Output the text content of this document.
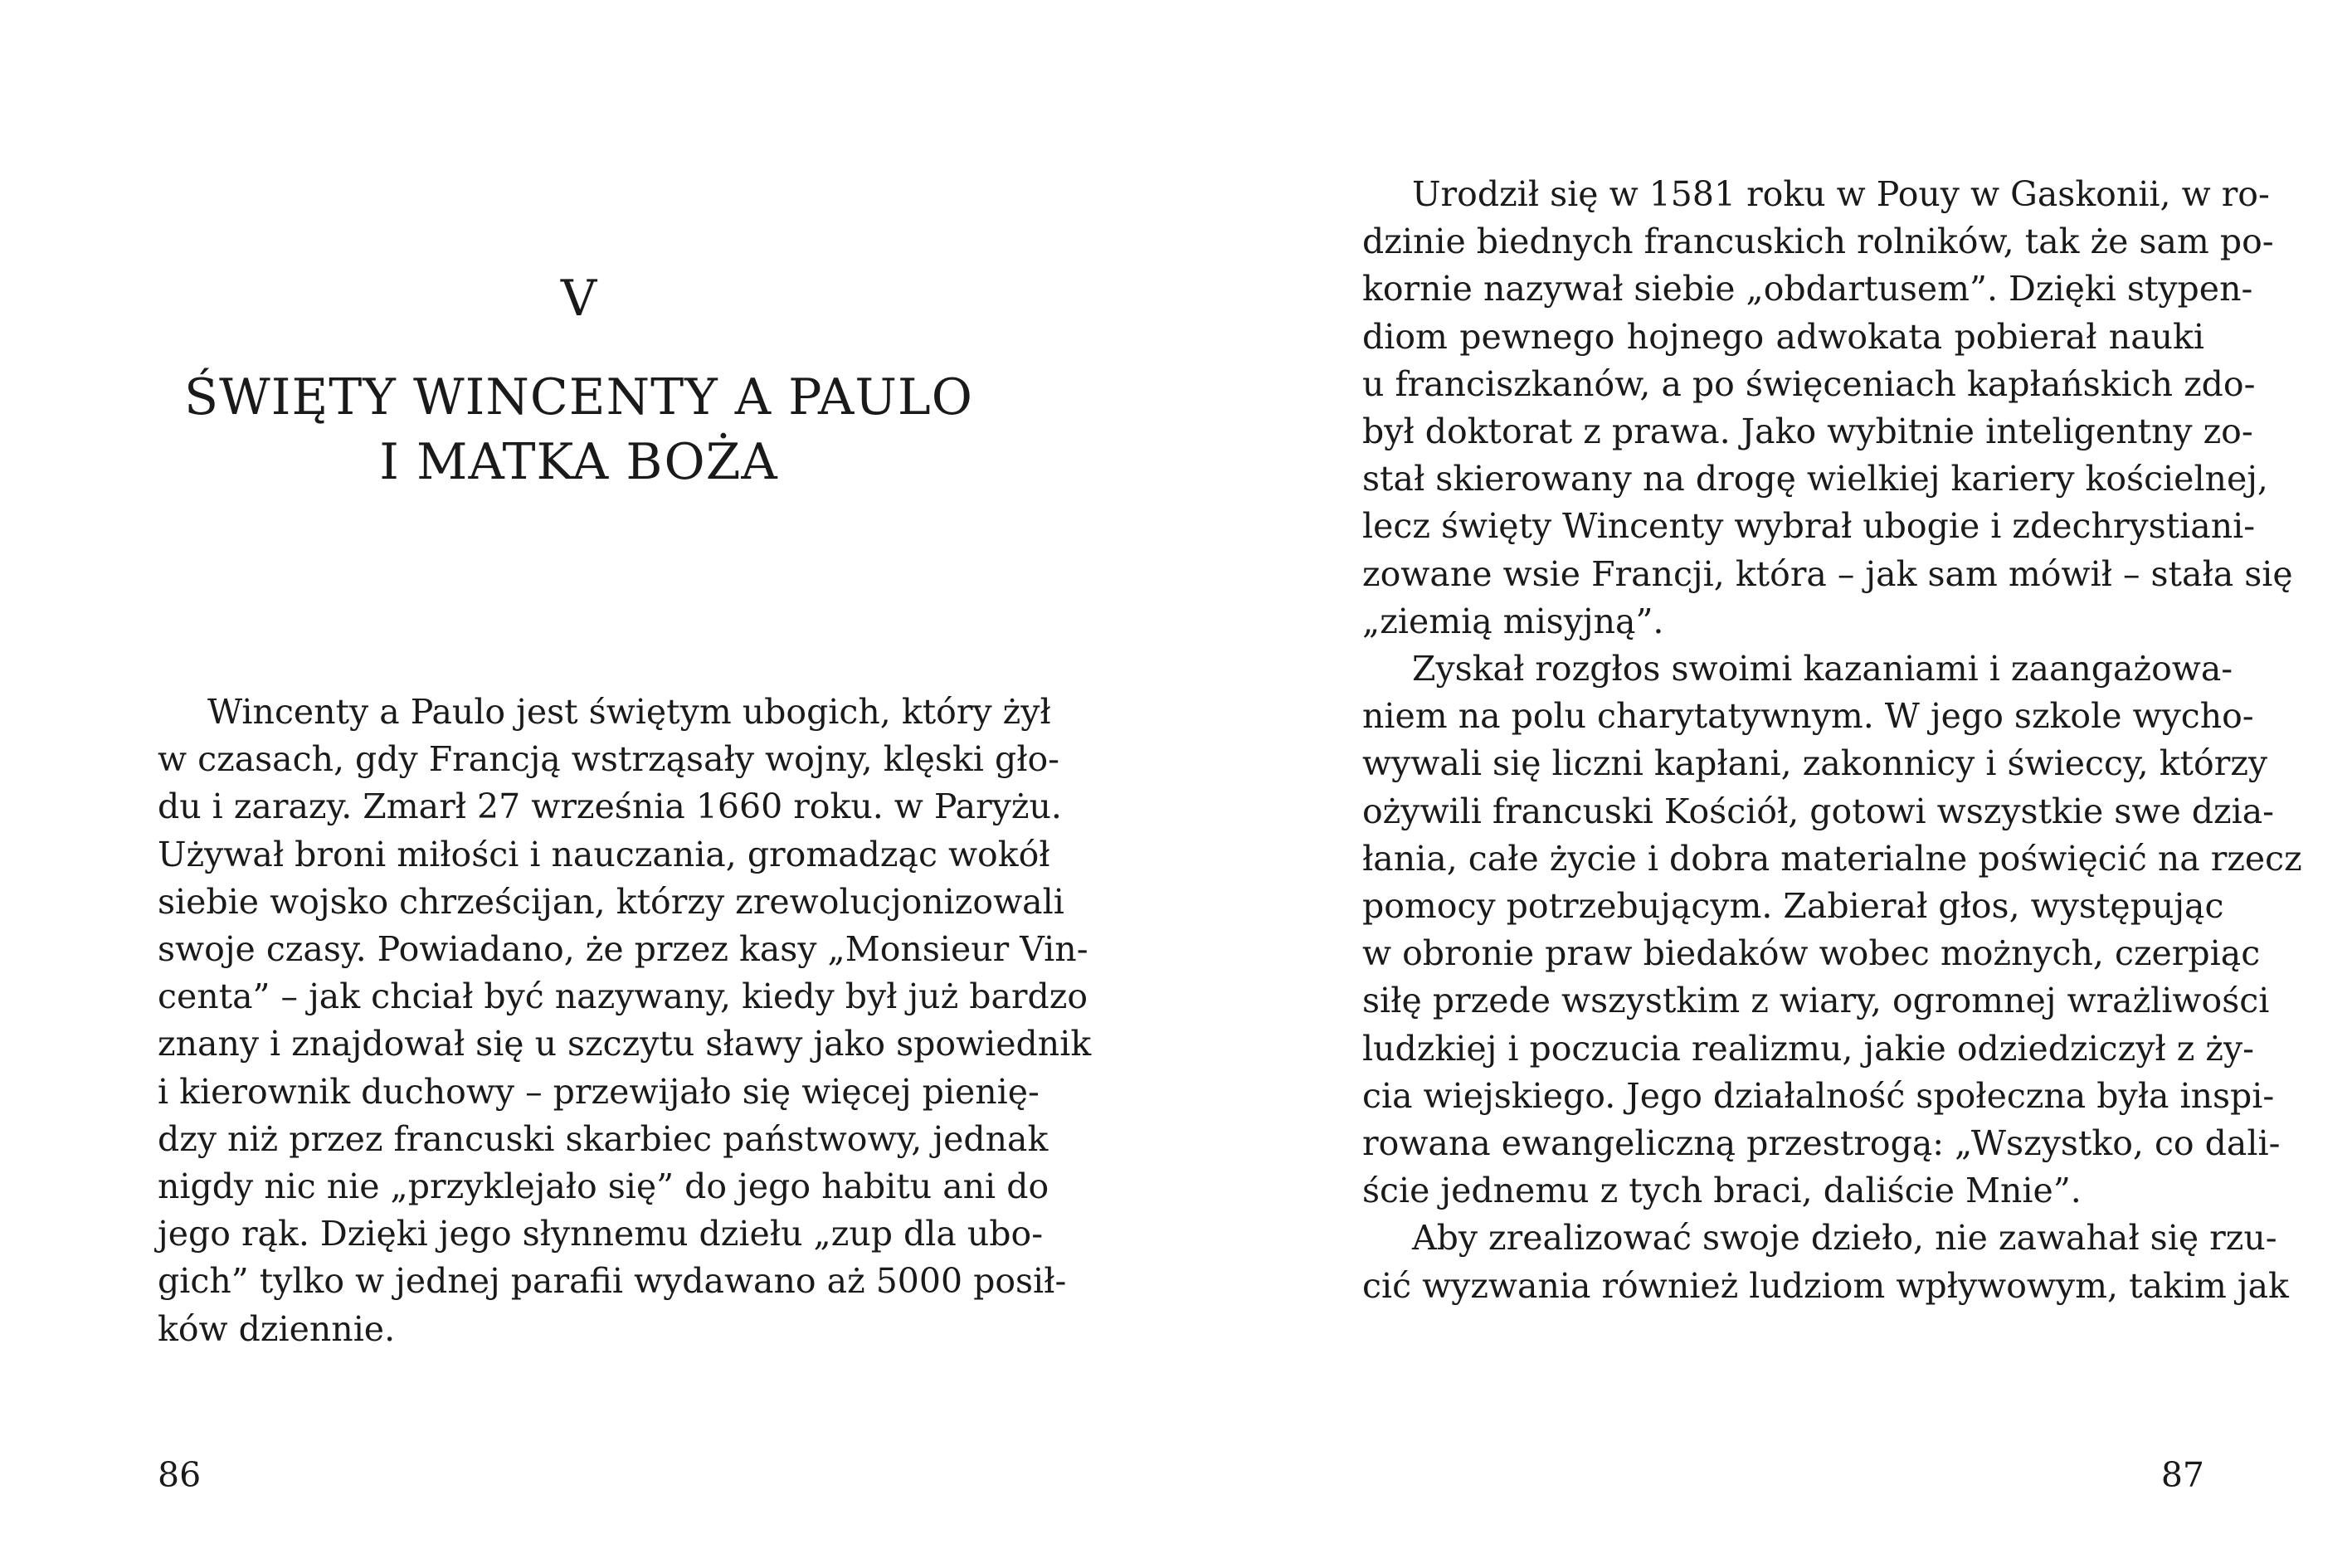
V
ŚWIĘTY WINCENTY A PAULO
I MATKA BOŻA
Wincenty a Paulo jest świętym ubogich, który żył
w czasach, gdy Francją wstrząsały wojny, klęski gło-
du i zarazy. Zmarł 27 września 1660 roku. w Paryżu.
Używał broni miłości i nauczania, gromadząc wokół
siebie wojsko chrześcijan, którzy zrewolucjonizowali
swoje czasy. Powiadano, że przez kasy „Monsieur Vin-
centa” – jak chciał być nazywany, kiedy był już bardzo
znany i znajdował się u szczytu sławy jako spowiednik
i kierownik duchowy – przewijało się więcej pienię-
dzy niż przez francuski skarbiec państwowy, jednak
nigdy nic nie „przyklejało się” do jego habitu ani do
jego rąk. Dzięki jego słynnemu dziełu „zup dla ubo-
gich” tylko w jednej parafii wydawano aż 5000 posił-
ków dziennie.
86
Urodził się w 1581 roku w Pouy w Gaskonii, w ro-
dzinie biednych francuskich rolników, tak że sam po-
kornie nazywał siebie „obdartusem”. Dzięki stypen-
diom pewnego hojnego adwokata pobierał nauki
u franciszkanów, a po święceniach kapłańskich zdo-
był doktorat z prawa. Jako wybitnie inteligentny zo-
stał skierowany na drogę wielkiej kariery kościelnej,
lecz święty Wincenty wybrał ubogie i zdechrystiani-
zowane wsie Francji, która – jak sam mówił – stała się
„ziemią misyjną”.
Zyskał rozgłos swoimi kazaniami i zaangażowa-
niem na polu charytatywnym. W jego szkole wycho-
wywali się liczni kapłani, zakonnicy i świeccy, którzy
ożywili francuski Kościół, gotowi wszystkie swe dzia-
łania, całe życie i dobra materialne poświęcić na rzecz
pomocy potrzebującym. Zabierał głos, występując
w obronie praw biedaków wobec możnych, czerpiąc
siłę przede wszystkim z wiary, ogromnej wrażliwości
ludzkiej i poczucia realizmu, jakie odziedziczył z ży-
cia wiejskiego. Jego działalność społeczna była inspi-
rowana ewangeliczną przestrogą: „Wszystko, co dali-
ście jednemu z tych braci, daliście Mnie”.
Aby zrealizować swoje dzieło, nie zawahał się rzu-
cić wyzwania również ludziom wpływowym, takim jak
87
